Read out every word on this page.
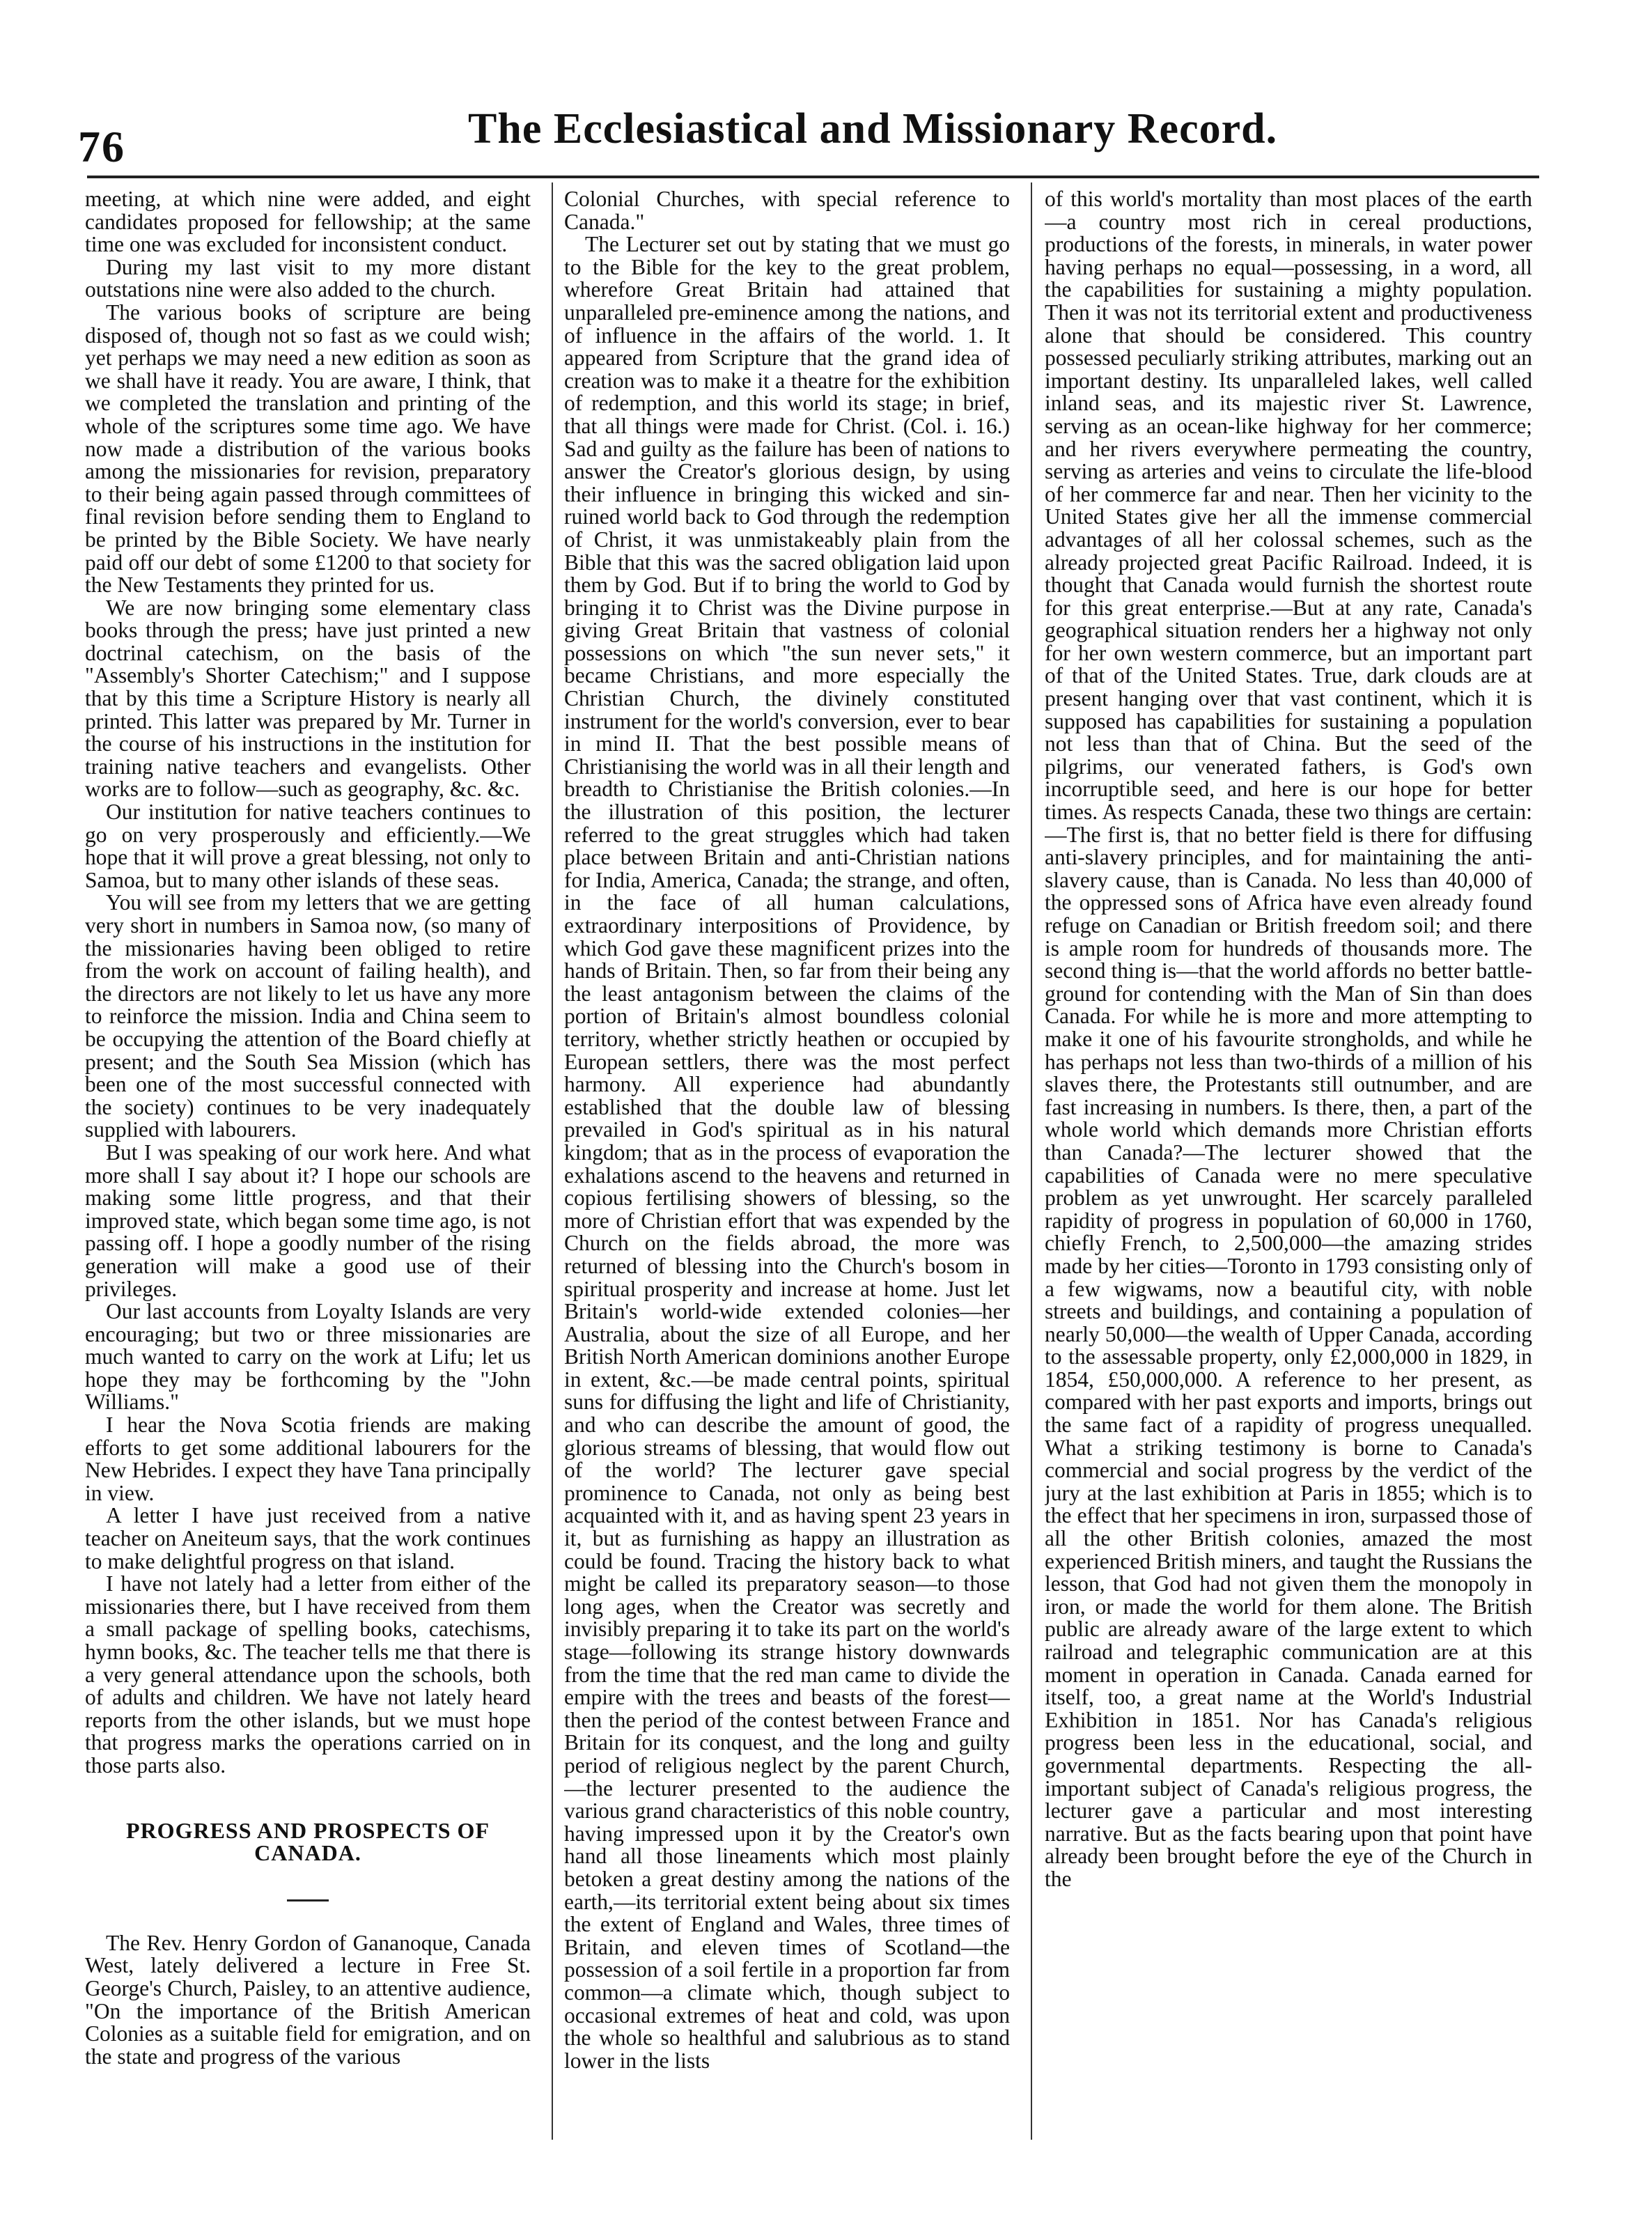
76	The Ecclesiastical and Missionary Record.

meeting, at which nine were added, and eight candidates proposed for fellowship; at the same time one was excluded for inconsistent conduct.

During my last visit to my more distant outstations nine were also added to the church.

The various books of scripture are being disposed of, though not so fast as we could wish; yet perhaps we may need a new edition as soon as we shall have it ready. You are aware, I think, that we completed the translation and printing of the whole of the scriptures some time ago. We have now made a distribution of the various books among the missionaries for revision, preparatory to their being again passed through committees of final revision before sending them to England to be printed by the Bible Society. We have nearly paid off our debt of some £1200 to that society for the New Testaments they printed for us.

We are now bringing some elementary class books through the press; have just printed a new doctrinal catechism, on the basis of the "Assembly's Shorter Catechism;" and I suppose that by this time a Scripture History is nearly all printed. This latter was prepared by Mr. Turner in the course of his instructions in the institution for training native teachers and evangelists. Other works are to follow—such as geography, &c. &c.

Our institution for native teachers continues to go on very prosperously and efficiently.—We hope that it will prove a great blessing, not only to Samoa, but to many other islands of these seas.

You will see from my letters that we are getting very short in numbers in Samoa now, (so many of the missionaries having been obliged to retire from the work on account of failing health), and the directors are not likely to let us have any more to reinforce the mission. India and China seem to be occupying the attention of the Board chiefly at present; and the South Sea Mission (which has been one of the most successful connected with the society) continues to be very inadequately supplied with labourers.

But I was speaking of our work here. And what more shall I say about it? I hope our schools are making some little progress, and that their improved state, which began some time ago, is not passing off. I hope a goodly number of the rising generation will make a good use of their privileges.

Our last accounts from Loyalty Islands are very encouraging; but two or three missionaries are much wanted to carry on the work at Lifu; let us hope they may be forthcoming by the "John Williams."

I hear the Nova Scotia friends are making efforts to get some additional labourers for the New Hebrides. I expect they have Tana principally in view.

A letter I have just received from a native teacher on Aneiteum says, that the work continues to make delightful progress on that island.

I have not lately had a letter from either of the missionaries there, but I have received from them a small package of spelling books, catechisms, hymn books, &c. The teacher tells me that there is a very general attendance upon the schools, both of adults and children. We have not lately heard reports from the other islands, but we must hope that progress marks the operations carried on in those parts also.

PROGRESS AND PROSPECTS OF CANADA.

The Rev. Henry Gordon of Gananoque, Canada West, lately delivered a lecture in Free St. George's Church, Paisley, to an attentive audience, "On the importance of the British American Colonies as a suitable field for emigration, and on the state and progress of the various

Colonial Churches, with special reference to Canada."

The Lecturer set out by stating that we must go to the Bible for the key to the great problem, wherefore Great Britain had attained that unparalleled pre-eminence among the nations, and of influence in the affairs of the world. 1. It appeared from Scripture that the grand idea of creation was to make it a theatre for the exhibition of redemption, and this world its stage; in brief, that all things were made for Christ. (Col. i. 16.) Sad and guilty as the failure has been of nations to answer the Creator's glorious design, by using their influence in bringing this wicked and sin-ruined world back to God through the redemption of Christ, it was unmistakeably plain from the Bible that this was the sacred obligation laid upon them by God. But if to bring the world to God by bringing it to Christ was the Divine purpose in giving Great Britain that vastness of colonial possessions on which "the sun never sets," it became Christians, and more especially the Christian Church, the divinely constituted instrument for the world's conversion, ever to bear in mind II. That the best possible means of Christianising the world was in all their length and breadth to Christianise the British colonies.—In the illustration of this position, the lecturer referred to the great struggles which had taken place between Britain and anti-Christian nations for India, America, Canada; the strange, and often, in the face of all human calculations, extraordinary interpositions of Providence, by which God gave these magnificent prizes into the hands of Britain. Then, so far from their being any the least antagonism between the claims of the portion of Britain's almost boundless colonial territory, whether strictly heathen or occupied by European settlers, there was the most perfect harmony. All experience had abundantly established that the double law of blessing prevailed in God's spiritual as in his natural kingdom; that as in the process of evaporation the exhalations ascend to the heavens and returned in copious fertilising showers of blessing, so the more of Christian effort that was expended by the Church on the fields abroad, the more was returned of blessing into the Church's bosom in spiritual prosperity and increase at home. Just let Britain's world-wide extended colonies—her Australia, about the size of all Europe, and her British North American dominions another Europe in extent, &c.—be made central points, spiritual suns for diffusing the light and life of Christianity, and who can describe the amount of good, the glorious streams of blessing, that would flow out of the world? The lecturer gave special prominence to Canada, not only as being best acquainted with it, and as having spent 23 years in it, but as furnishing as happy an illustration as could be found. Tracing the history back to what might be called its preparatory season—to those long ages, when the Creator was secretly and invisibly preparing it to take its part on the world's stage—following its strange history downwards from the time that the red man came to divide the empire with the trees and beasts of the forest—then the period of the contest between France and Britain for its conquest, and the long and guilty period of religious neglect by the parent Church,—the lecturer presented to the audience the various grand characteristics of this noble country, having impressed upon it by the Creator's own hand all those lineaments which most plainly betoken a great destiny among the nations of the earth,—its territorial extent being about six times the extent of England and Wales, three times of Britain, and eleven times of Scotland—the possession of a soil fertile in a proportion far from common—a climate which, though subject to occasional extremes of heat and cold, was upon the whole so healthful and salubrious as to stand lower in the lists

of this world's mortality than most places of the earth—a country most rich in cereal productions, productions of the forests, in minerals, in water power having perhaps no equal—possessing, in a word, all the capabilities for sustaining a mighty population. Then it was not its territorial extent and productiveness alone that should be considered. This country possessed peculiarly striking attributes, marking out an important destiny. Its unparalleled lakes, well called inland seas, and its majestic river St. Lawrence, serving as an ocean-like highway for her commerce; and her rivers everywhere permeating the country, serving as arteries and veins to circulate the life-blood of her commerce far and near. Then her vicinity to the United States give her all the immense commercial advantages of all her colossal schemes, such as the already projected great Pacific Railroad. Indeed, it is thought that Canada would furnish the shortest route for this great enterprise.—But at any rate, Canada's geographical situation renders her a highway not only for her own western commerce, but an important part of that of the United States. True, dark clouds are at present hanging over that vast continent, which it is supposed has capabilities for sustaining a population not less than that of China. But the seed of the pilgrims, our venerated fathers, is God's own incorruptible seed, and here is our hope for better times. As respects Canada, these two things are certain:—The first is, that no better field is there for diffusing anti-slavery principles, and for maintaining the anti-slavery cause, than is Canada. No less than 40,000 of the oppressed sons of Africa have even already found refuge on Canadian or British freedom soil; and there is ample room for hundreds of thousands more. The second thing is—that the world affords no better battle-ground for contending with the Man of Sin than does Canada. For while he is more and more attempting to make it one of his favourite strongholds, and while he has perhaps not less than two-thirds of a million of his slaves there, the Protestants still outnumber, and are fast increasing in numbers. Is there, then, a part of the whole world which demands more Christian efforts than Canada?—The lecturer showed that the capabilities of Canada were no mere speculative problem as yet unwrought. Her scarcely paralleled rapidity of progress in population of 60,000 in 1760, chiefly French, to 2,500,000—the amazing strides made by her cities—Toronto in 1793 consisting only of a few wigwams, now a beautiful city, with noble streets and buildings, and containing a population of nearly 50,000—the wealth of Upper Canada, according to the assessable property, only £2,000,000 in 1829, in 1854, £50,000,000. A reference to her present, as compared with her past exports and imports, brings out the same fact of a rapidity of progress unequalled. What a striking testimony is borne to Canada's commercial and social progress by the verdict of the jury at the last exhibition at Paris in 1855; which is to the effect that her specimens in iron, surpassed those of all the other British colonies, amazed the most experienced British miners, and taught the Russians the lesson, that God had not given them the monopoly in iron, or made the world for them alone. The British public are already aware of the large extent to which railroad and telegraphic communication are at this moment in operation in Canada. Canada earned for itself, too, a great name at the World's Industrial Exhibition in 1851. Nor has Canada's religious progress been less in the educational, social, and governmental departments. Respecting the all-important subject of Canada's religious progress, the lecturer gave a particular and most interesting narrative. But as the facts bearing upon that point have already been brought before the eye of the Church in the
